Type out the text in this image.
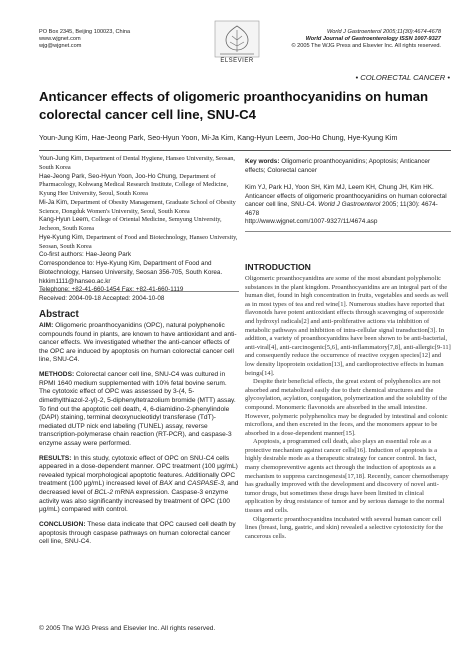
PO Box 2345, Beijing 100023, China
www.wjgnet.com
wjg@wjgnet.com
ELSEVIER
World J Gastroenterol 2005;11(30):4674-4678
World Journal of Gastroenterology ISSN 1007-9327
© 2005 The WJG Press and Elsevier Inc. All rights reserved.
• COLORECTAL CANCER •
Anticancer effects of oligomeric proanthocyanidins on human colorectal cancer cell line, SNU-C4
Youn-Jung Kim, Hae-Jeong Park, Seo-Hyun Yoon, Mi-Ja Kim, Kang-Hyun Leem, Joo-Ho Chung, Hye-Kyung Kim
Youn-Jung Kim, Department of Dental Hygiene, Hanseo University, Seosan, South Korea
Hae-Jeong Park, Seo-Hyun Yoon, Joo-Ho Chung, Department of Pharmacology, Kohwang Medical Research Institute, College of Medicine, Kyung Hee University, Seoul, South Korea
Mi-Ja Kim, Department of Obesity Management, Graduate School of Obesity Science, Dongduk Women's University, Seoul, South Korea
Kang-Hyun Leem, College of Oriental Medicine, Semyung University, Jecheon, South Korea
Hye-Kyung Kim, Department of Food and Biotechnology, Hanseo University, Seosan, South Korea
Co-first authors: Hae-Jeong Park
Correspondence to: Hye-Kyung Kim, Department of Food and Biotechnology, Hanseo University, Seosan 356-705, South Korea. hkkim1111@hanseo.ac.kr
Telephone: +82-41-660-1454 Fax: +82-41-660-1119
Received: 2004-09-18 Accepted: 2004-10-08
Key words: Oligomeric proanthocyanidins; Apoptosis; Anticancer effects; Colorectal cancer
Kim YJ, Park HJ, Yoon SH, Kim MJ, Leem KH, Chung JH, Kim HK. Anticancer effects of oligomeric proanthocyanidins on human colorectal cancer cell line, SNU-C4. World J Gastroenterol 2005; 11(30): 4674-4678
http://www.wjgnet.com/1007-9327/11/4674.asp
Abstract

AIM: Oligomeric proanthocyanidins (OPC), natural polyphenolic compounds found in plants, are known to have antioxidant and anti-cancer effects. We investigated whether the anti-cancer effects of the OPC are induced by apoptosis on human colorectal cancer cell line, SNU-C4.

METHODS: Colorectal cancer cell line, SNU-C4 was cultured in RPMI 1640 medium supplemented with 10% fetal bovine serum. The cytotoxic effect of OPC was assessed by 3-(4, 5-dimethylthiazol-2-yl)-2, 5-diphenyltetrazolium bromide (MTT) assay. To find out the apoptotic cell death, 4, 6-diamidino-2-phenylindole (DAPI) staining, terminal deoxynucleotidyl transferase (TdT)-mediated dUTP nick end labeling (TUNEL) assay, reverse transcription-polymerase chain reaction (RT-PCR), and caspase-3 enzyme assay were performed.

RESULTS: In this study, cytotoxic effect of OPC on SNU-C4 cells appeared in a dose-dependent manner. OPC treatment (100 μg/mL) revealed typical morphological apoptotic features. Additionally OPC treatment (100 μg/mL) increased level of BAX and CASPASE-3, and decreased level of BCL-2 mRNA expression. Caspase-3 enzyme activity was also significantly increased by treatment of OPC (100 μg/mL) compared with control.

CONCLUSION: These data indicate that OPC caused cell death by apoptosis through caspase pathways on human colorectal cancer cell line, SNU-C4.

© 2005 The WJG Press and Elsevier Inc. All rights reserved.
INTRODUCTION

Oligomeric proanthocyanidins are some of the most abundant polyphenolic substances in the plant kingdom. Proanthocyanidins are an integral part of the human diet, found in high concentration in fruits, vegetables and seeds as well as in most types of tea and red wine[1]. Numerous studies have reported that flavonoids have potent antioxidant effects through scavenging of superoxide and hydroxyl radicals[2] and anti-proliferative actions via inhibition of metabolic pathways and inhibition of intra-cellular signal transduction[3]. In addition, a variety of proanthocyanidins have been shown to be anti-bacterial, anti-viral[4], anti-carcinogenic[5,6], anti-inflammatory[7,8], anti-allergic[9-11] and consequently reduce the occurrence of reactive oxygen species[12] and low density lipoprotein oxidation[13], and cardioprotective effects in human beings[14].

Despite their beneficial effects, the great extent of polyphenolics are not absorbed and metabolized easily due to their chemical structures and the glycosylation, acylation, conjugation, polymerization and the solubility of the compound. Monomeric flavonoids are absorbed in the small intestine. However, polymeric polyphenolics may be degraded by intestinal and colonic microflora, and then excreted in the feces, and the monomers appear to be absorbed in a dose-dependent manner[15].

Apoptosis, a programmed cell death, also plays an essential role as a protective mechanism against cancer cells[16]. Induction of apoptosis is a highly desirable mode as a therapeutic strategy for cancer control. In fact, many chemopreventive agents act through the induction of apoptosis as a mechanism to suppress carcinogenesis[17,18]. Recently, cancer chemotherapy has gradually improved with the development and discovery of novel anti-tumor drugs, but sometimes these drugs have been limited in clinical application by drug resistance of tumor and by serious damage to the normal tissues and cells.

Oligomeric proanthocyanidins incubated with several human cancer cell lines (breast, lung, gastric, and skin) revealed a selective cytotoxicity for the cancerous cells.
